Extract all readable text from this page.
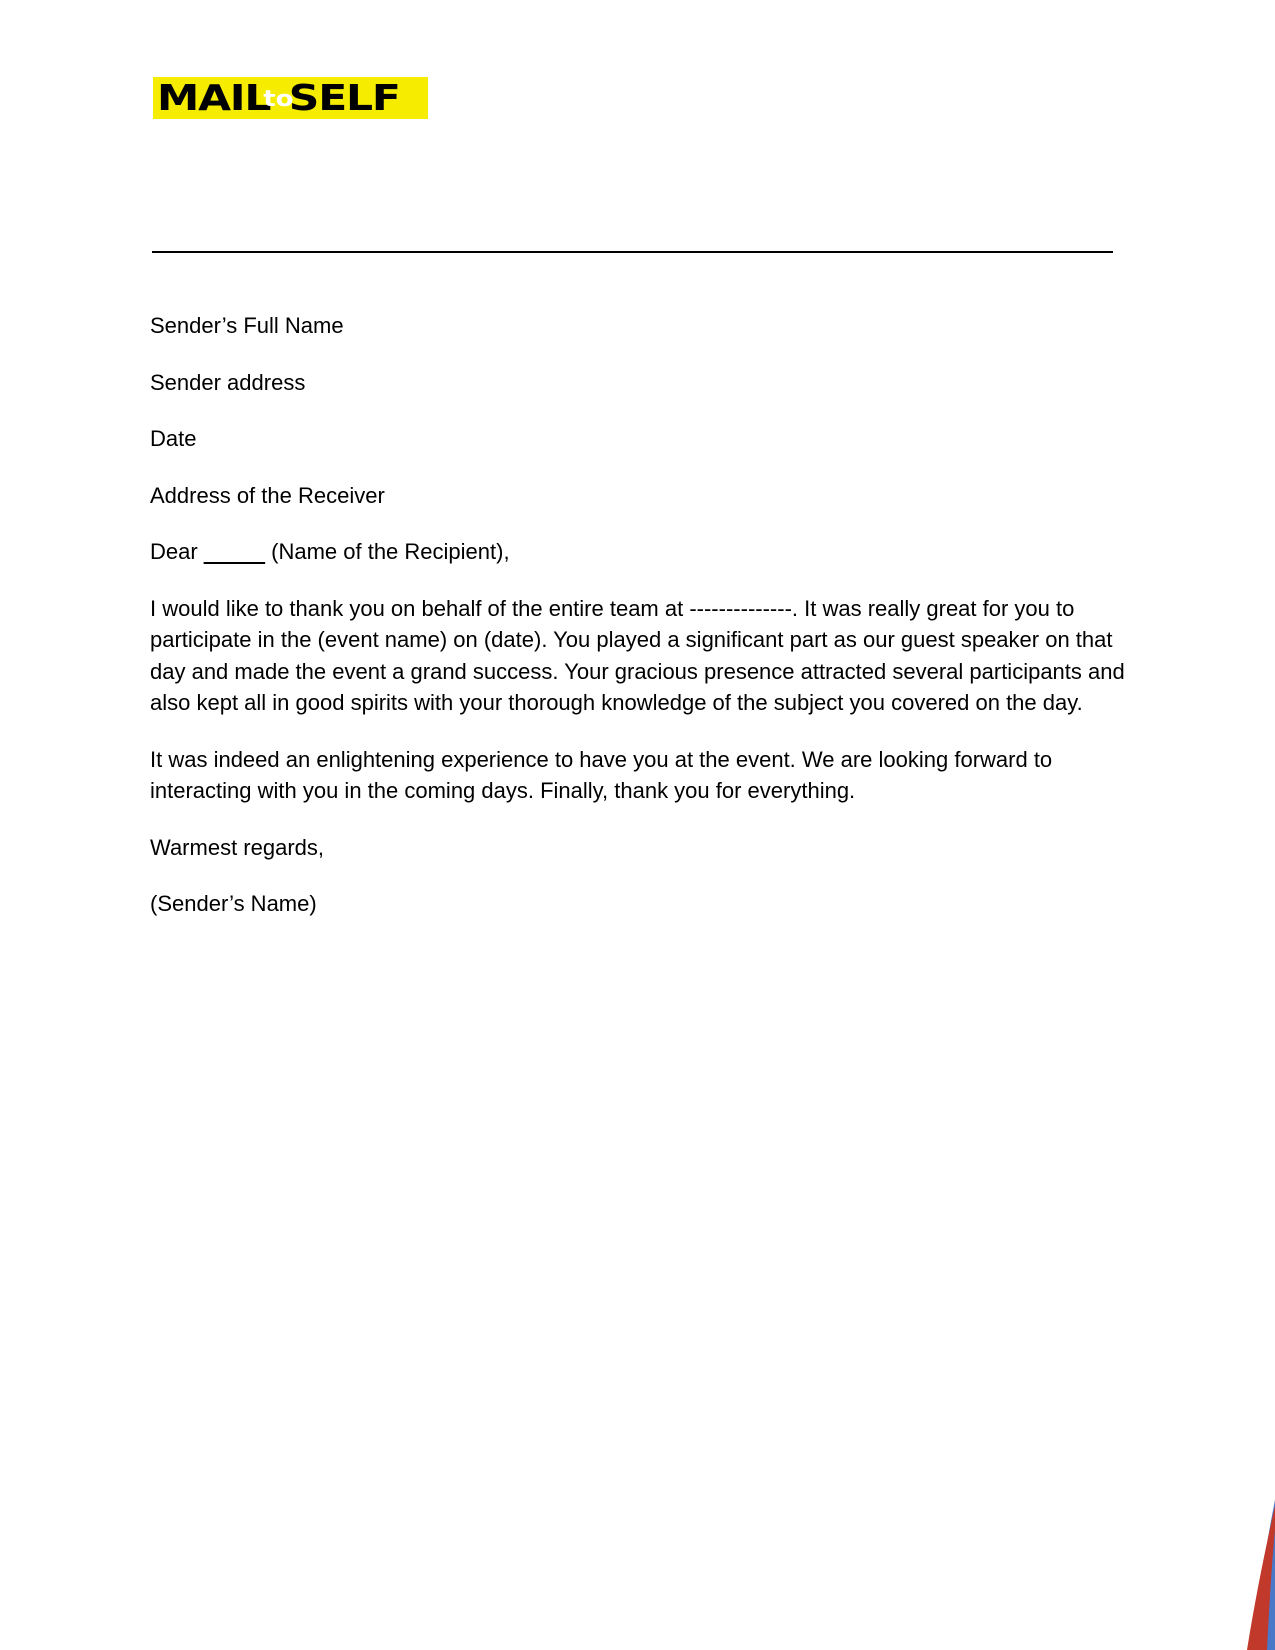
MAILtoSELF

Sender’s Full Name

Sender address

Date

Address of the Receiver

Dear _____ (Name of the Recipient),

I would like to thank you on behalf of the entire team at --------------. It was really great for you to participate in the (event name) on (date). You played a significant part as our guest speaker on that day and made the event a grand success. Your gracious presence attracted several participants and also kept all in good spirits with your thorough knowledge of the subject you covered on the day.

It was indeed an enlightening experience to have you at the event. We are looking forward to interacting with you in the coming days. Finally, thank you for everything.

Warmest regards,

(Sender’s Name)
